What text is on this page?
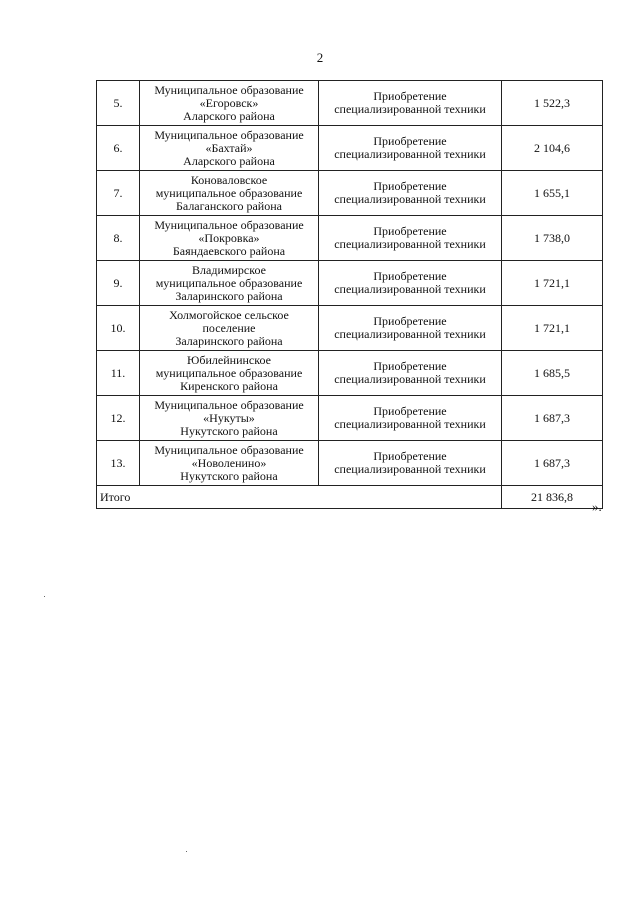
2
5.	Муниципальное образование
«Егоровск»
Аларского района	Приобретение
специализированной техники	1 522,3
6.	Муниципальное образование
«Бахтай»
Аларского района	Приобретение
специализированной техники	2 104,6
7.	Коноваловское
муниципальное образование
Балаганского района	Приобретение
специализированной техники	1 655,1
8.	Муниципальное образование
«Покровка»
Баяндаевского района	Приобретение
специализированной техники	1 738,0
9.	Владимирское
муниципальное образование
Заларинского района	Приобретение
специализированной техники	1 721,1
10.	Холмогойское сельское
поселение
Заларинского района	Приобретение
специализированной техники	1 721,1
11.	Юбилейнинское
муниципальное образование
Киренского района	Приобретение
специализированной техники	1 685,5
12.	Муниципальное образование
«Нукуты»
Нукутского района	Приобретение
специализированной техники	1 687,3
13.	Муниципальное образование
«Новоленино»
Нукутского района	Приобретение
специализированной техники	1 687,3
Итого			21 836,8
».
